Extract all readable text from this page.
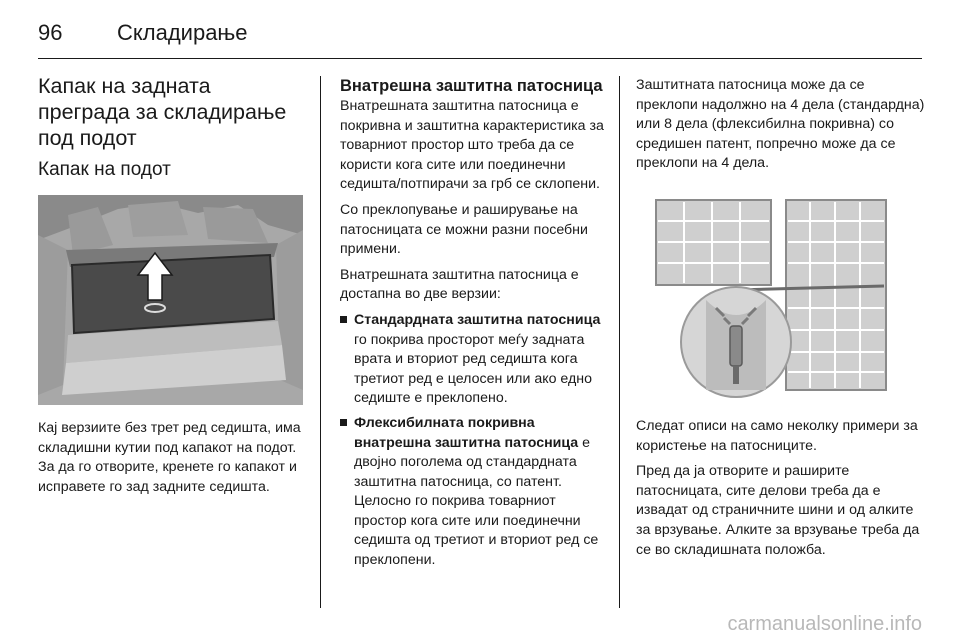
96 Складирање
Капак на задната преграда за складирање под подот
Капак на подот
Кај верзиите без трет ред седишта, има складишни кутии под капакот на подот. За да го отворите, кренете го капакот и исправете го зад задните седишта.
Внатрешна заштитна патосница
Внатрешната заштитна патосница е покривна и заштитна карактеристика за товарниот простор што треба да се користи кога сите или поединечни седишта/потпирачи за грб се склопени.
Со преклопување и раширување на патосницата се можни разни посебни примени.
Внатрешната заштитна патосница е достапна во две верзии:
Стандардната заштитна патосница го покрива просторот меѓу задната врата и вториот ред седишта кога третиот ред е целосен или ако едно седиште е преклопено.
Флексибилната покривна внатрешна заштитна патосница е двојно поголема од стандардната заштитна патосница, со патент. Целосно го покрива товарниот простор кога сите или поединечни седишта од третиот и вториот ред се преклопени.
Заштитната патосница може да се преклопи надолжно на 4 дела (стандардна) или 8 дела (флексибилна покривна) со средишен патент, попречно може да се преклопи на 4 дела.
Следат описи на само неколку примери за користење на патосниците.
Пред да ја отворите и раширите патосницата, сите делови треба да е извадат од страничните шини и од алките за врзување. Алките за врзување треба да се во складишната положба.
carmanualsonline.info
